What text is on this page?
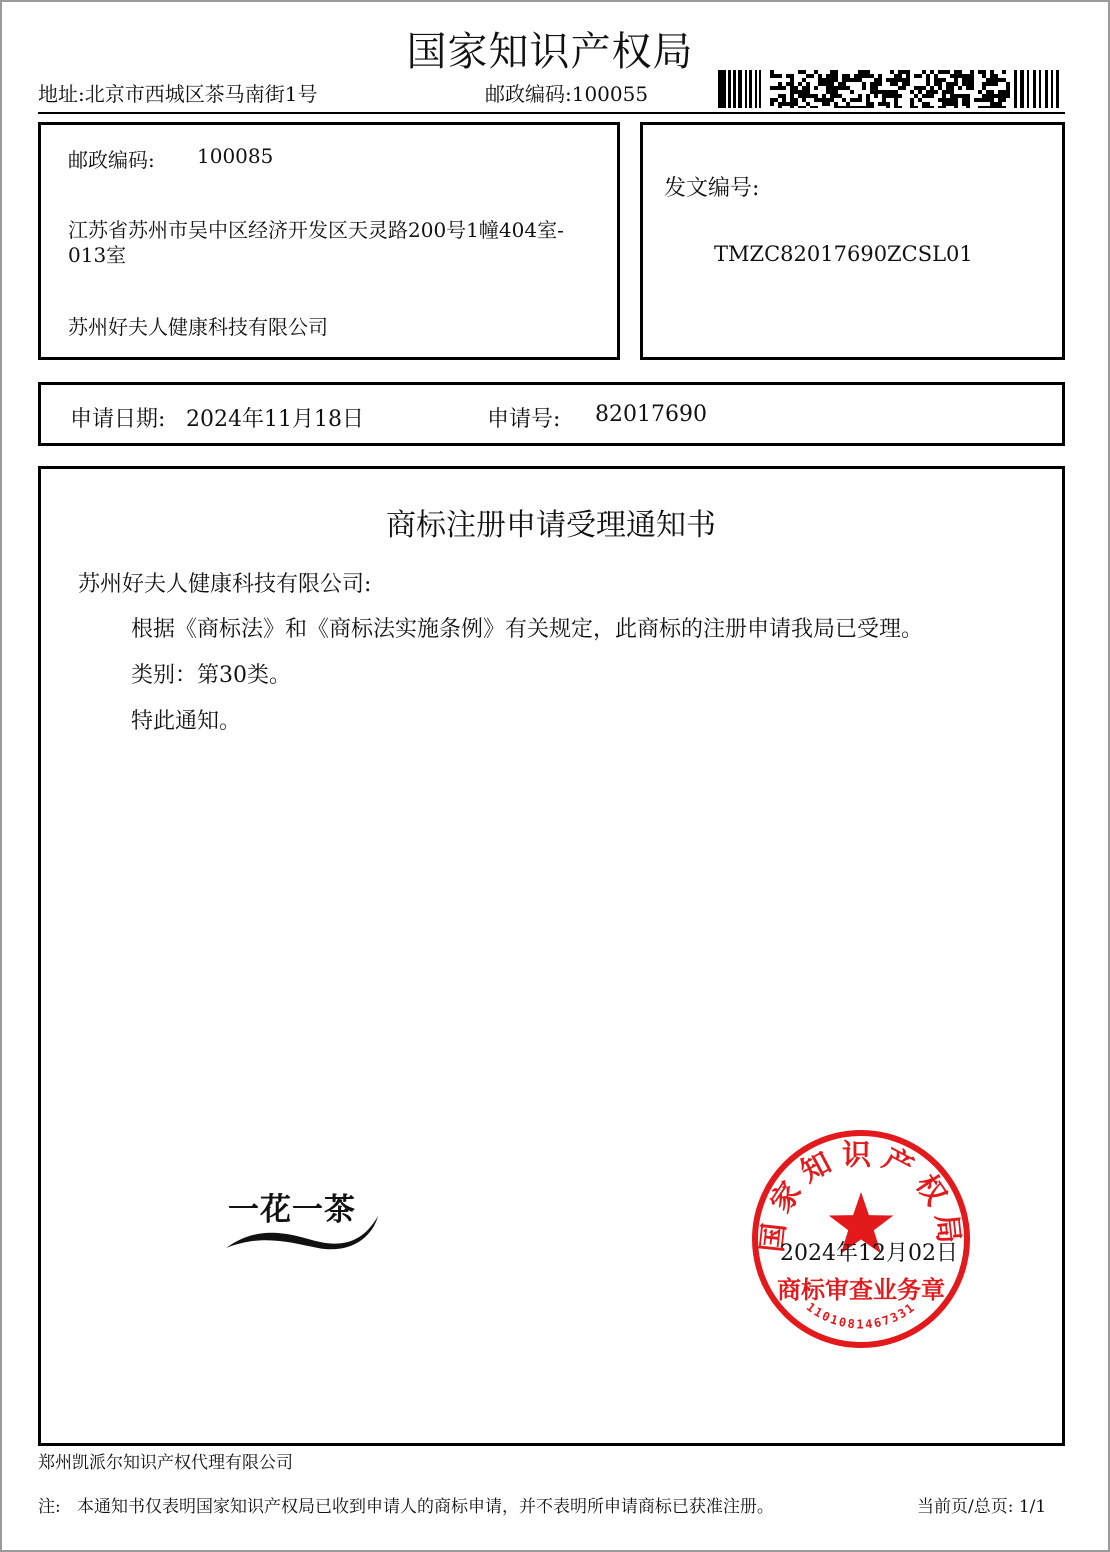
国家知识产权局
地址:北京市西城区茶马南街1号	邮政编码:100055
邮政编码: 100085
江苏省苏州市吴中区经济开发区天灵路200号1幢404室-
013室
苏州好夫人健康科技有限公司
发文编号:
TMZC82017690ZCSL01
申请日期: 2024年11月18日	申请号: 82017690
商标注册申请受理通知书
苏州好夫人健康科技有限公司:
根据《商标法》和《商标法实施条例》有关规定，此商标的注册申请我局已受理。
类别：第30类。
特此通知。
一花一茶
国家知识产权局
商标审查业务章
1101081467331
2024年12月02日
郑州凯派尔知识产权代理有限公司
注:   本通知书仅表明国家知识产权局已收到申请人的商标申请，并不表明所申请商标已获准注册。	当前页/总页: 1/1
